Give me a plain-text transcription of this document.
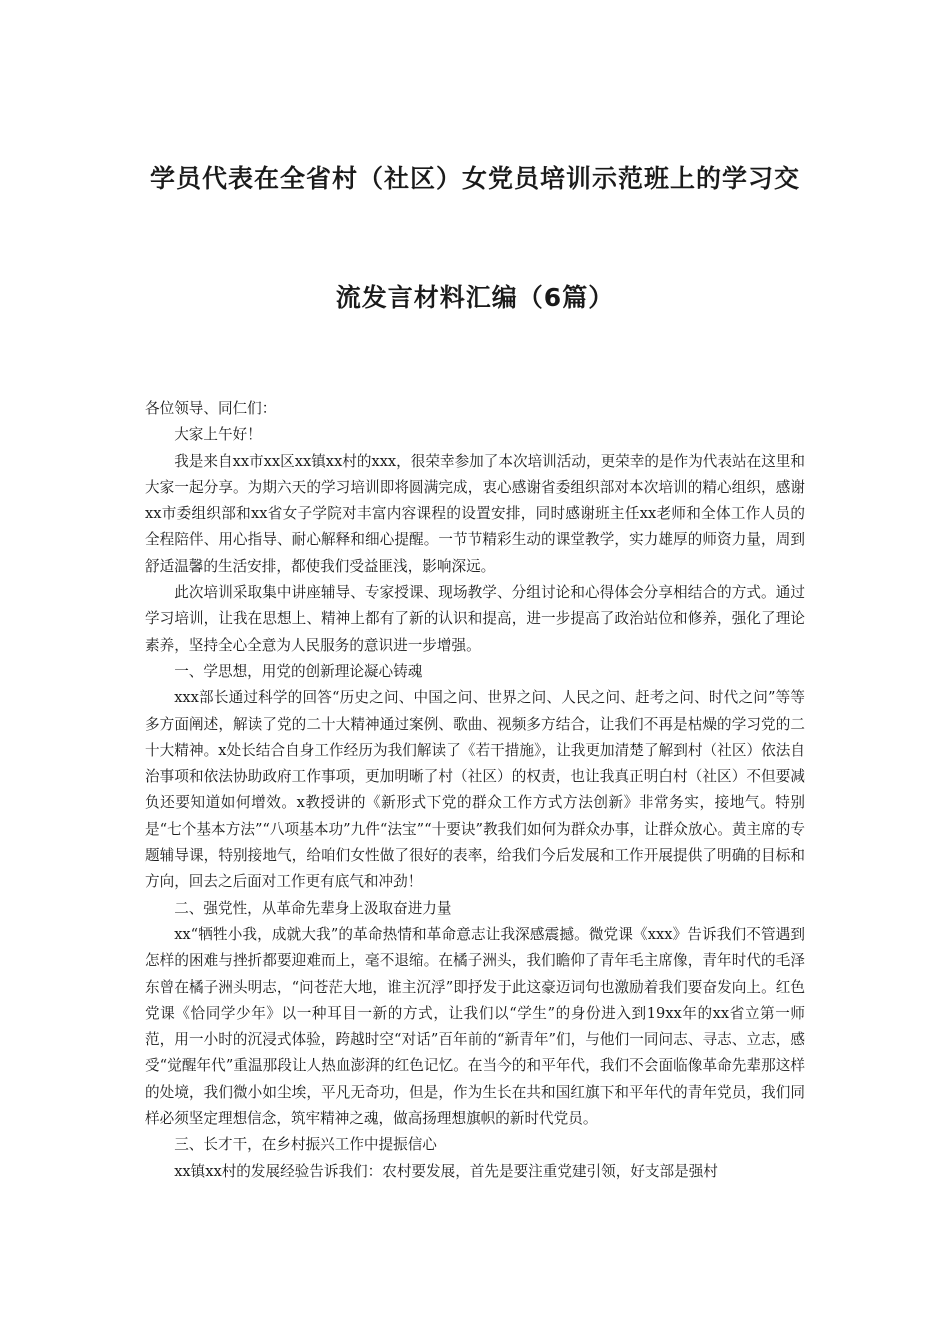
学员代表在全省村（社区）女党员培训示范班上的学习交
流发言材料汇编（6篇）

各位领导、同仁们：

大家上午好！

我是来自xx市xx区xx镇xx村的xxx，很荣幸参加了本次培训活动，更荣幸的是作为代表站在这里和大家一起分享。为期六天的学习培训即将圆满完成，衷心感谢省委组织部对本次培训的精心组织，感谢xx市委组织部和xx省女子学院对丰富内容课程的设置安排，同时感谢班主任xx老师和全体工作人员的全程陪伴、用心指导、耐心解释和细心提醒。一节节精彩生动的课堂教学，实力雄厚的师资力量，周到舒适温馨的生活安排，都使我们受益匪浅，影响深远。

此次培训采取集中讲座辅导、专家授课、现场教学、分组讨论和心得体会分享相结合的方式。通过学习培训，让我在思想上、精神上都有了新的认识和提高，进一步提高了政治站位和修养，强化了理论素养，坚持全心全意为人民服务的意识进一步增强。

一、学思想，用党的创新理论凝心铸魂

xxx部长通过科学的回答“历史之问、中国之问、世界之问、人民之问、赶考之问、时代之问”等等多方面阐述，解读了党的二十大精神通过案例、歌曲、视频多方结合，让我们不再是枯燥的学习党的二十大精神。x处长结合自身工作经历为我们解读了《若干措施》，让我更加清楚了解到村（社区）依法自治事项和依法协助政府工作事项，更加明晰了村（社区）的权责，也让我真正明白村（社区）不但要减负还要知道如何增效。x教授讲的《新形式下党的群众工作方式方法创新》非常务实，接地气。特别是“七个基本方法”“八项基本功”九件“法宝”“十要诀”教我们如何为群众办事，让群众放心。黄主席的专题辅导课，特别接地气，给咱们女性做了很好的表率，给我们今后发展和工作开展提供了明确的目标和方向，回去之后面对工作更有底气和冲劲！

二、强党性，从革命先辈身上汲取奋进力量

xx“牺牲小我，成就大我”的革命热情和革命意志让我深感震撼。微党课《xxx》告诉我们不管遇到怎样的困难与挫折都要迎难而上，毫不退缩。在橘子洲头，我们瞻仰了青年毛主席像，青年时代的毛泽东曾在橘子洲头明志，“问苍茫大地，谁主沉浮”即抒发于此这豪迈词句也激励着我们要奋发向上。红色党课《恰同学少年》以一种耳目一新的方式，让我们以“学生”的身份进入到19xx年的xx省立第一师范，用一小时的沉浸式体验，跨越时空“对话”百年前的“新青年”们，与他们一同问志、寻志、立志，感受“觉醒年代”重温那段让人热血澎湃的红色记忆。在当今的和平年代，我们不会面临像革命先辈那这样的处境，我们微小如尘埃，平凡无奇功，但是，作为生长在共和国红旗下和平年代的青年党员，我们同样必须坚定理想信念，筑牢精神之魂，做高扬理想旗帜的新时代党员。

三、长才干，在乡村振兴工作中提振信心

xx镇xx村的发展经验告诉我们：农村要发展，首先是要注重党建引领，好支部是强村
